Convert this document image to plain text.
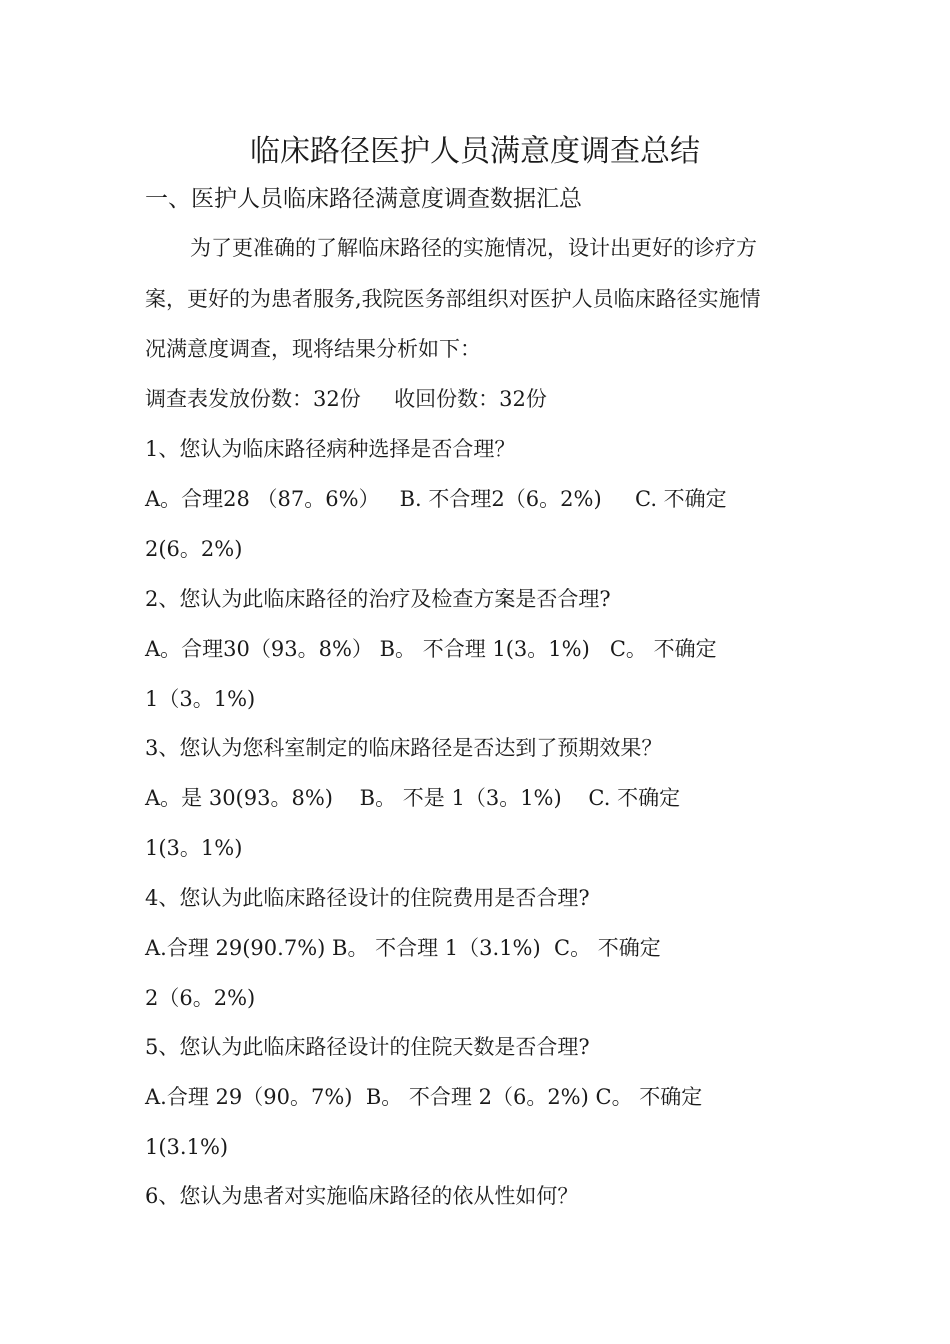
临床路径医护人员满意度调查总结
一、医护人员临床路径满意度调查数据汇总
为了更准确的了解临床路径的实施情况，设计出更好的诊疗方
案，更好的为患者服务,我院医务部组织对医护人员临床路径实施情
况满意度调查，现将结果分析如下：
调查表发放份数：32份     收回份数：32份
1、您认为临床路径病种选择是否合理？
A。合理28 （87。6%）   B. 不合理2（6。2%)     C. 不确定
2(6。2%)
2、您认为此临床路径的治疗及检查方案是否合理?
A。合理30（93。8%） B。 不合理 1(3。1%)   C。 不确定
1（3。1%)
3、您认为您科室制定的临床路径是否达到了预期效果？
A。是 30(93。8%)    B。 不是 1（3。1%)    C. 不确定
1(3。1%)
4、您认为此临床路径设计的住院费用是否合理?
A.合理 29(90.7%) B。 不合理 1（3.1%)  C。 不确定
2（6。2%)
5、您认为此临床路径设计的住院天数是否合理?
A.合理 29（90。7%)  B。 不合理 2（6。2%) C。 不确定
1(3.1%)
6、您认为患者对实施临床路径的依从性如何？
